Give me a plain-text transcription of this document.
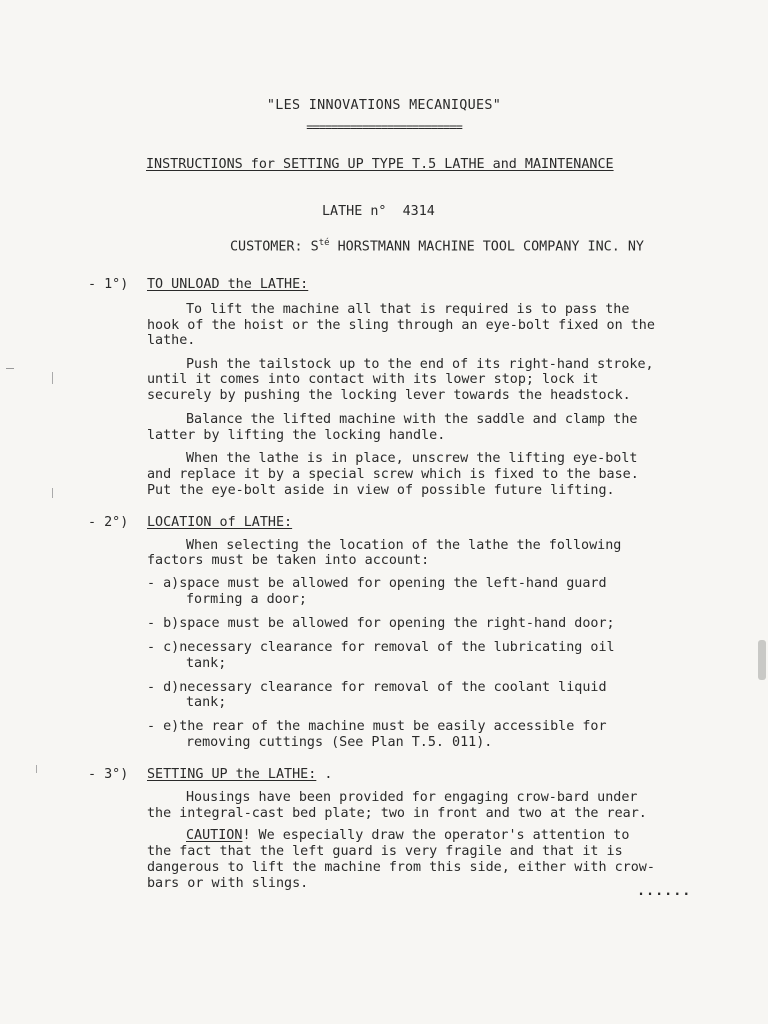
"LES INNOVATIONS MECANIQUES"
=========================
INSTRUCTIONS for SETTING UP TYPE T.5 LATHE and MAINTENANCE
LATHE n° 4314
CUSTOMER: $S^{té}$ HORSTMANN MACHINE TOOL COMPANY INC. NY
- 1°) TO UNLOAD the LATHE:
To lift the machine all that is required is to pass the
hook of the hoist or the sling through an eye-bolt fixed on the
lathe.
Push the tailstock up to the end of its right-hand stroke,
until it comes into contact with its lower stop; lock it
securely by pushing the locking lever towards the headstock.
Balance the lifted machine with the saddle and clamp the
latter by lifting the locking handle.
When the lathe is in place, unscrew the lifting eye-bolt
and replace it by a special screw which is fixed to the base.
Put the eye-bolt aside in view of possible future lifting.
- 2°) LOCATION of LATHE:
When selecting the location of the lathe the following
factors must be taken into account:
- a)space must be allowed for opening the left-hand guard
forming a door;
- b)space must be allowed for opening the right-hand door;
- c)necessary clearance for removal of the lubricating oil
tank;
- d)necessary clearance for removal of the coolant liquid
tank;
- e)the rear of the machine must be easily accessible for
removing cuttings (See Plan T.5. 011).
- 3°) SETTING UP the LATHE: .
Housings have been provided for engaging crow-bard under
the integral-cast bed plate; two in front and two at the rear.
CAUTION! We especially draw the operator's attention to
the fact that the left guard is very fragile and that it is
dangerous to lift the machine from this side, either with crow-
bars or with slings.
......
